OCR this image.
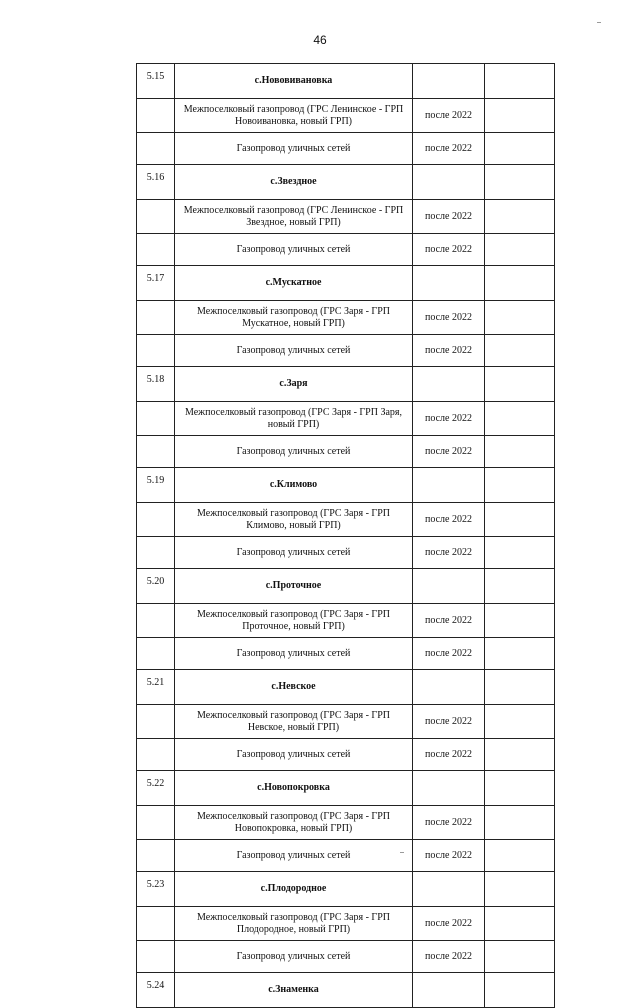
46
5.15	с.Нововивановка		
	Межпоселковый газопровод (ГРС Ленинское - ГРП Новоивановка, новый ГРП)	после 2022	
	Газопровод уличных сетей	после 2022	
5.16	с.Звездное		
	Межпоселковый газопровод (ГРС Ленинское - ГРП Звездное, новый ГРП)	после 2022	
	Газопровод уличных сетей	после 2022	
5.17	с.Мускатное		
	Межпоселковый газопровод (ГРС Заря - ГРП Мускатное, новый ГРП)	после 2022	
	Газопровод уличных сетей	после 2022	
5.18	с.Заря		
	Межпоселковый газопровод (ГРС Заря - ГРП Заря, новый ГРП)	после 2022	
	Газопровод уличных сетей	после 2022	
5.19	с.Климово		
	Межпоселковый газопровод (ГРС Заря - ГРП Климово, новый ГРП)	после 2022	
	Газопровод уличных сетей	после 2022	
5.20	с.Проточное		
	Межпоселковый газопровод (ГРС Заря - ГРП Проточное, новый ГРП)	после 2022	
	Газопровод уличных сетей	после 2022	
5.21	с.Невское		
	Межпоселковый газопровод (ГРС Заря - ГРП Невское, новый ГРП)	после 2022	
	Газопровод уличных сетей	после 2022	
5.22	с.Новопокровка		
	Межпоселковый газопровод (ГРС Заря - ГРП Новопокровка, новый ГРП)	после 2022	
	Газопровод уличных сетей	после 2022	
5.23	с.Плодородное		
	Межпоселковый газопровод (ГРС Заря - ГРП Плодородное, новый ГРП)	после 2022	
	Газопровод уличных сетей	после 2022	
5.24	с.Знаменка		
